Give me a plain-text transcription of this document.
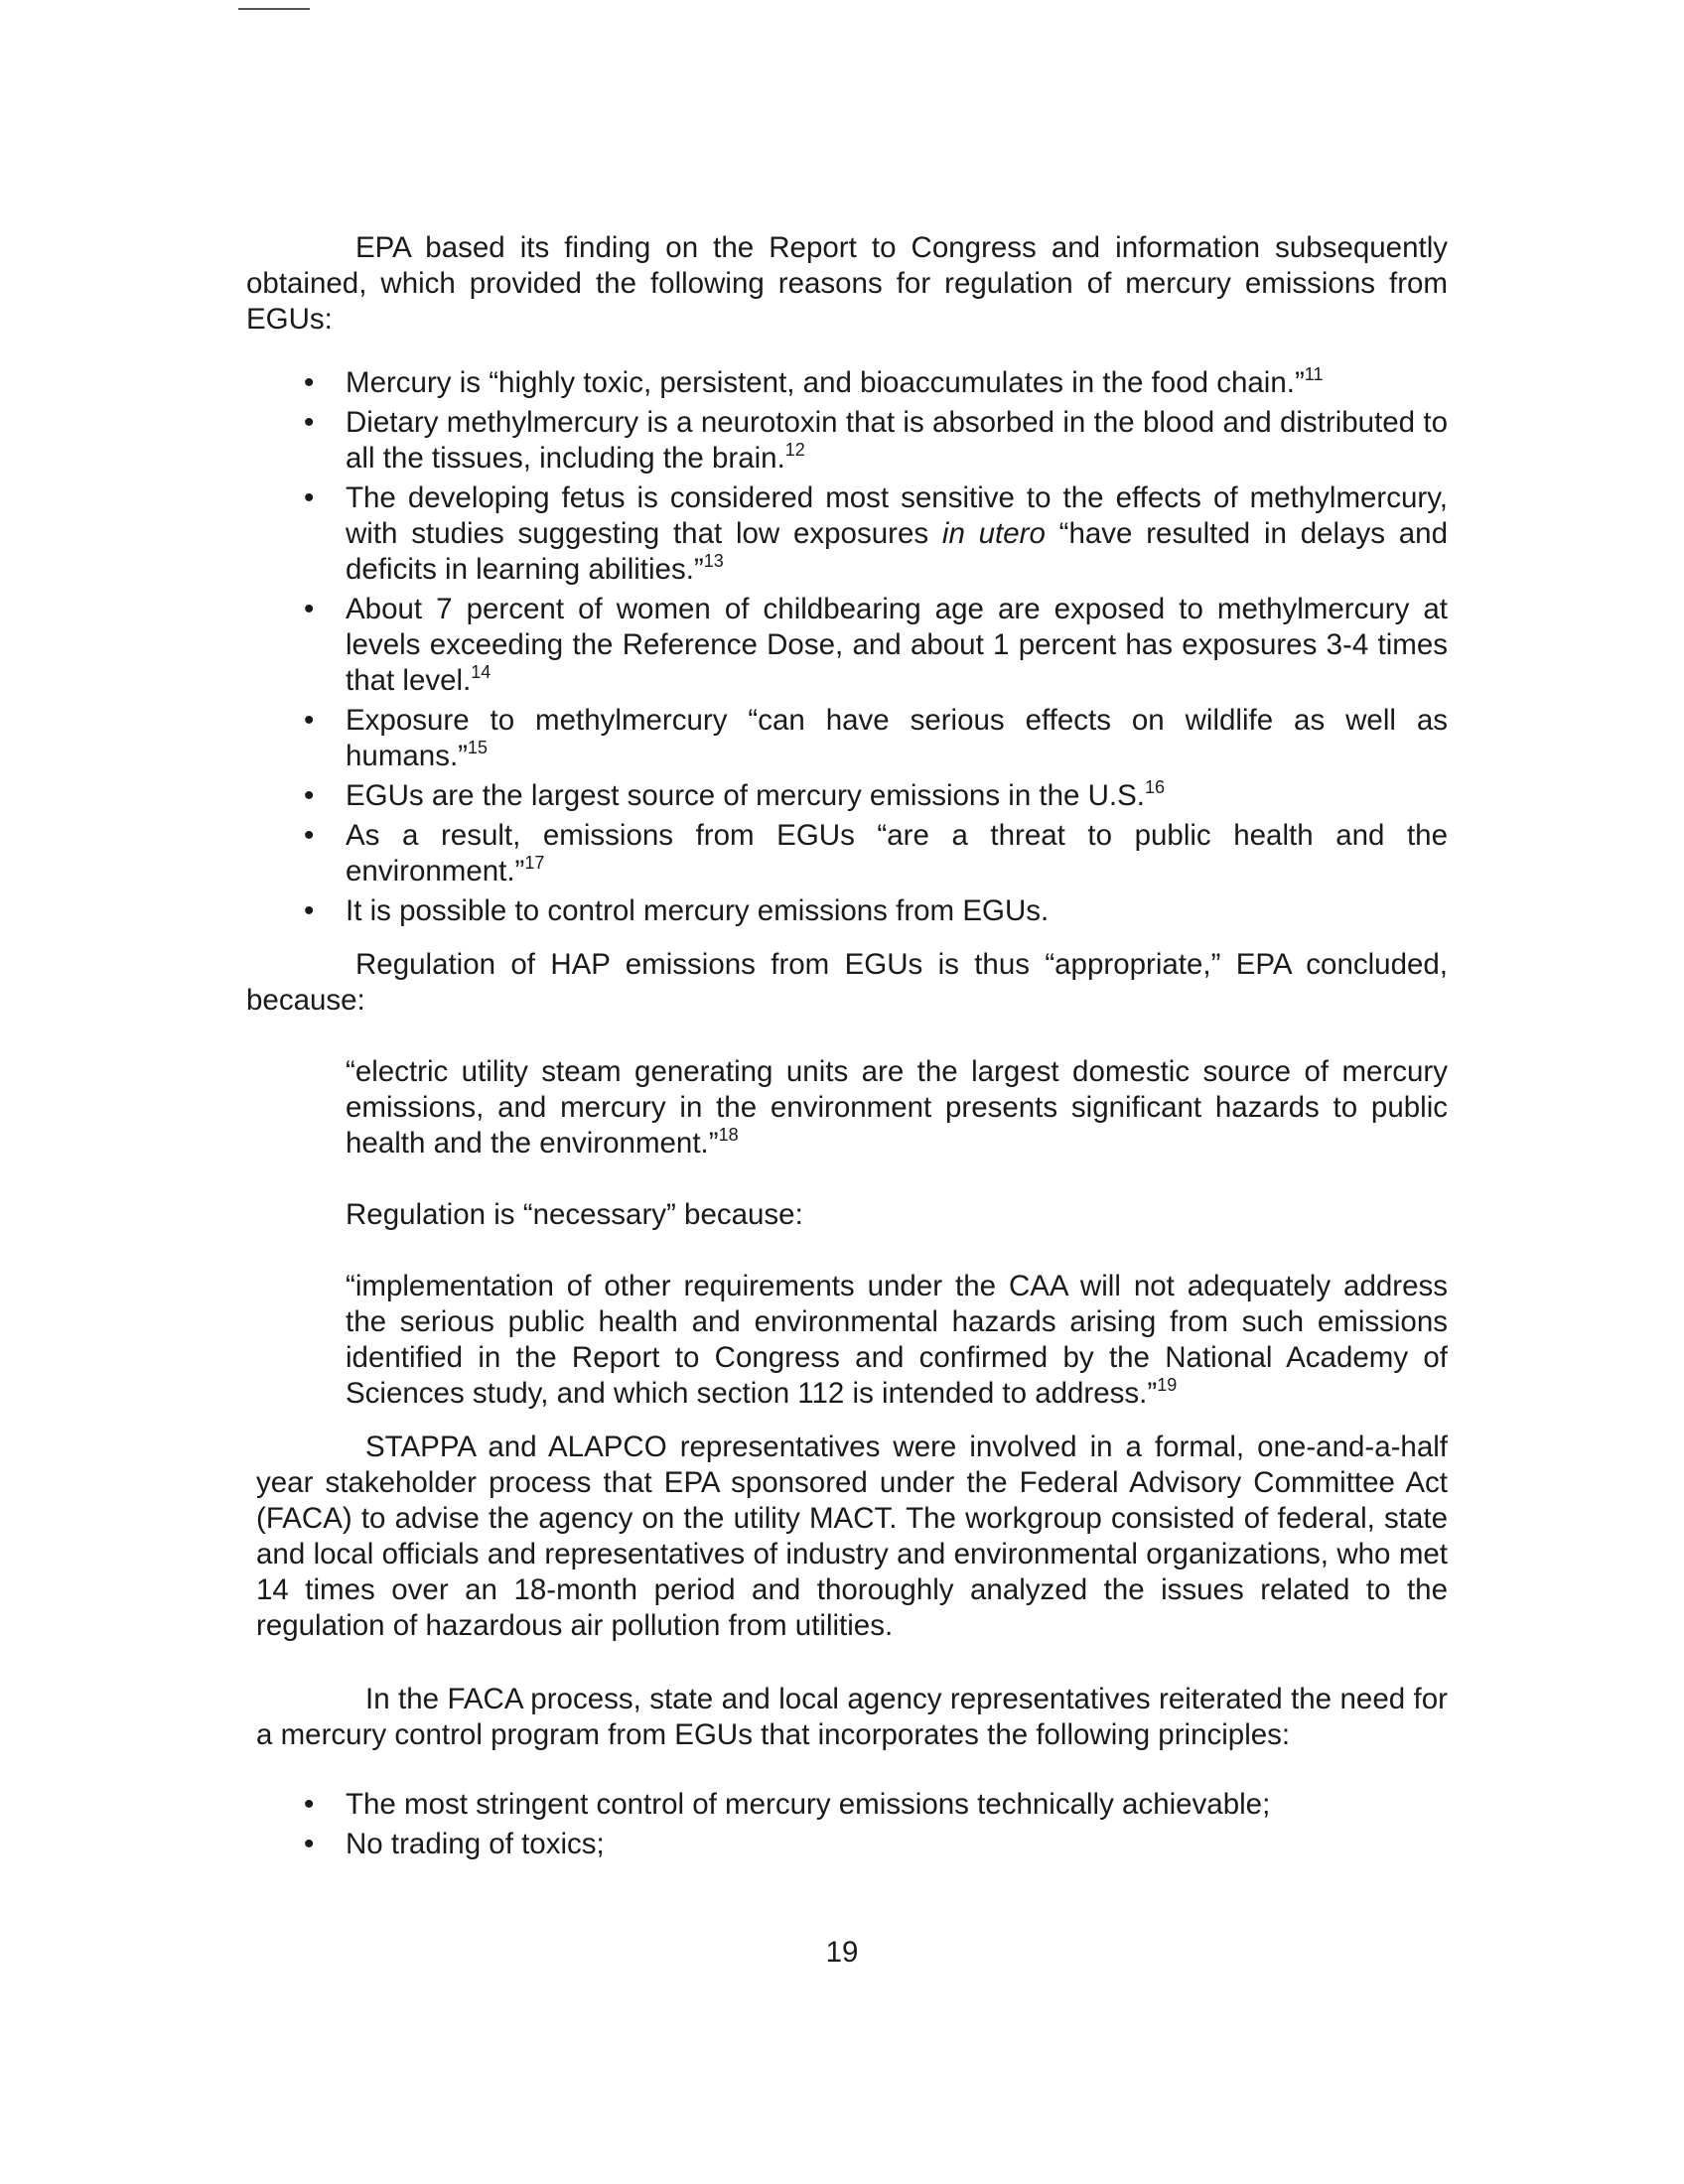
EPA based its finding on the Report to Congress and information subsequently obtained, which provided the following reasons for regulation of mercury emissions from EGUs:

• Mercury is “highly toxic, persistent, and bioaccumulates in the food chain.”$^{11}$
• Dietary methylmercury is a neurotoxin that is absorbed in the blood and distributed to all the tissues, including the brain.$^{12}$
• The developing fetus is considered most sensitive to the effects of methylmercury, with studies suggesting that low exposures in utero “have resulted in delays and deficits in learning abilities.”$^{13}$
• About 7 percent of women of childbearing age are exposed to methylmercury at levels exceeding the Reference Dose, and about 1 percent has exposures 3-4 times that level.$^{14}$
• Exposure to methylmercury “can have serious effects on wildlife as well as humans.”$^{15}$
• EGUs are the largest source of mercury emissions in the U.S.$^{16}$
• As a result, emissions from EGUs “are a threat to public health and the environment.”$^{17}$
• It is possible to control mercury emissions from EGUs.

Regulation of HAP emissions from EGUs is thus “appropriate,” EPA concluded, because:

“electric utility steam generating units are the largest domestic source of mercury emissions, and mercury in the environment presents significant hazards to public health and the environment.”$^{18}$

Regulation is “necessary” because:

“implementation of other requirements under the CAA will not adequately address the serious public health and environmental hazards arising from such emissions identified in the Report to Congress and confirmed by the National Academy of Sciences study, and which section 112 is intended to address.”$^{19}$

STAPPA and ALAPCO representatives were involved in a formal, one-and-a-half year stakeholder process that EPA sponsored under the Federal Advisory Committee Act (FACA) to advise the agency on the utility MACT. The workgroup consisted of federal, state and local officials and representatives of industry and environmental organizations, who met 14 times over an 18-month period and thoroughly analyzed the issues related to the regulation of hazardous air pollution from utilities.

In the FACA process, state and local agency representatives reiterated the need for a mercury control program from EGUs that incorporates the following principles:

• The most stringent control of mercury emissions technically achievable;
• No trading of toxics;
19
